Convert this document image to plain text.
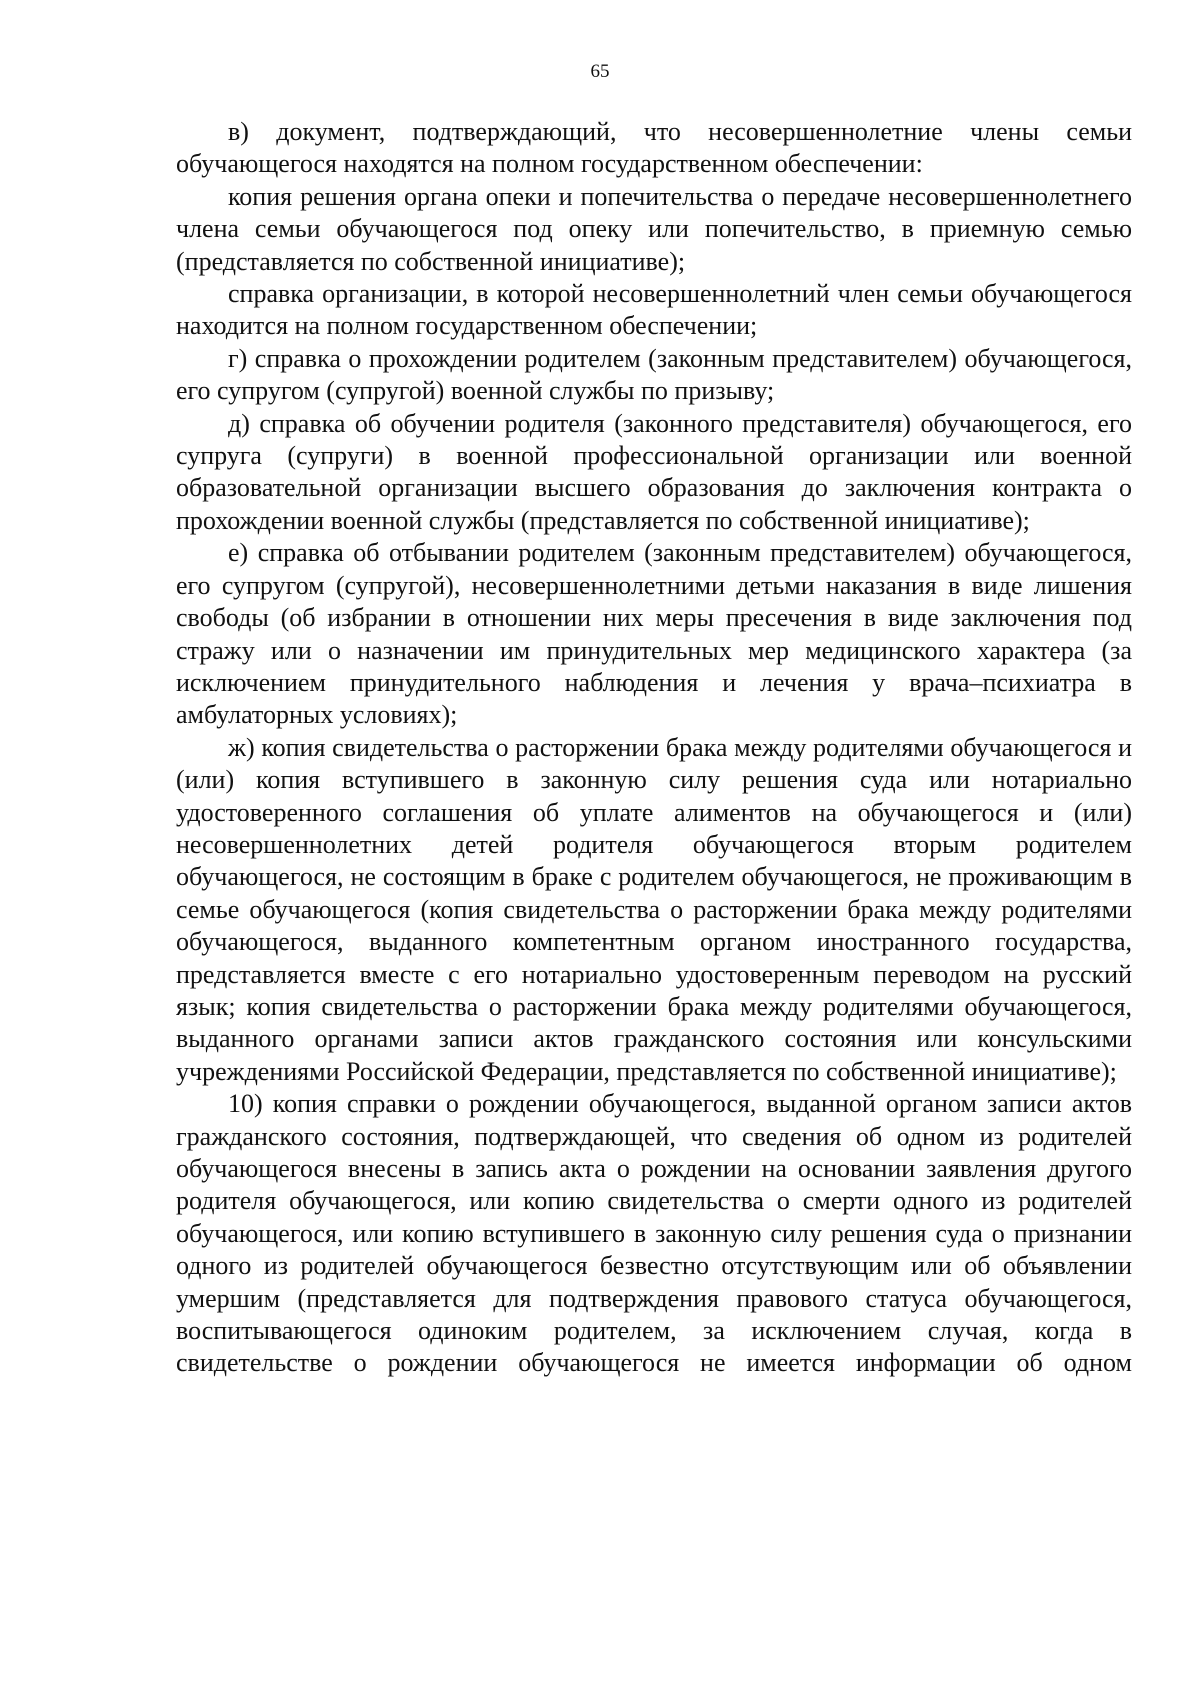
65

в) документ, подтверждающий, что несовершеннолетние члены семьи обучающегося находятся на полном государственном обеспечении:

копия решения органа опеки и попечительства о передаче несовершеннолетнего члена семьи обучающегося под опеку или попечительство, в приемную семью (представляется по собственной инициативе);

справка организации, в которой несовершеннолетний член семьи обучающегося находится на полном государственном обеспечении;

г) справка о прохождении родителем (законным представителем) обучающегося, его супругом (супругой) военной службы по призыву;

д) справка об обучении родителя (законного представителя) обучающегося, его супруга (супруги) в военной профессиональной организации или военной образовательной организации высшего образования до заключения контракта о прохождении военной службы (представляется по собственной инициативе);

е) справка об отбывании родителем (законным представителем) обучающегося, его супругом (супругой), несовершеннолетними детьми наказания в виде лишения свободы (об избрании в отношении них меры пресечения в виде заключения под стражу или о назначении им принудительных мер медицинского характера (за исключением принудительного наблюдения и лечения у врача–психиатра в амбулаторных условиях);

ж) копия свидетельства о расторжении брака между родителями обучающегося и (или) копия вступившего в законную силу решения суда или нотариально удостоверенного соглашения об уплате алиментов на обучающегося и (или) несовершеннолетних детей родителя обучающегося вторым родителем обучающегося, не состоящим в браке с родителем обучающегося, не проживающим в семье обучающегося (копия свидетельства о расторжении брака между родителями обучающегося, выданного компетентным органом иностранного государства, представляется вместе с его нотариально удостоверенным переводом на русский язык; копия свидетельства о расторжении брака между родителями обучающегося, выданного органами записи актов гражданского состояния или консульскими учреждениями Российской Федерации, представляется по собственной инициативе);

10) копия справки о рождении обучающегося, выданной органом записи актов гражданского состояния, подтверждающей, что сведения об одном из родителей обучающегося внесены в запись акта о рождении на основании заявления другого родителя обучающегося, или копию свидетельства о смерти одного из родителей обучающегося, или копию вступившего в законную силу решения суда о признании одного из родителей обучающегося безвестно отсутствующим или об объявлении умершим (представляется для подтверждения правового статуса обучающегося, воспитывающегося одиноким родителем, за исключением случая, когда в свидетельстве о рождении обучающегося не имеется информации об одном
